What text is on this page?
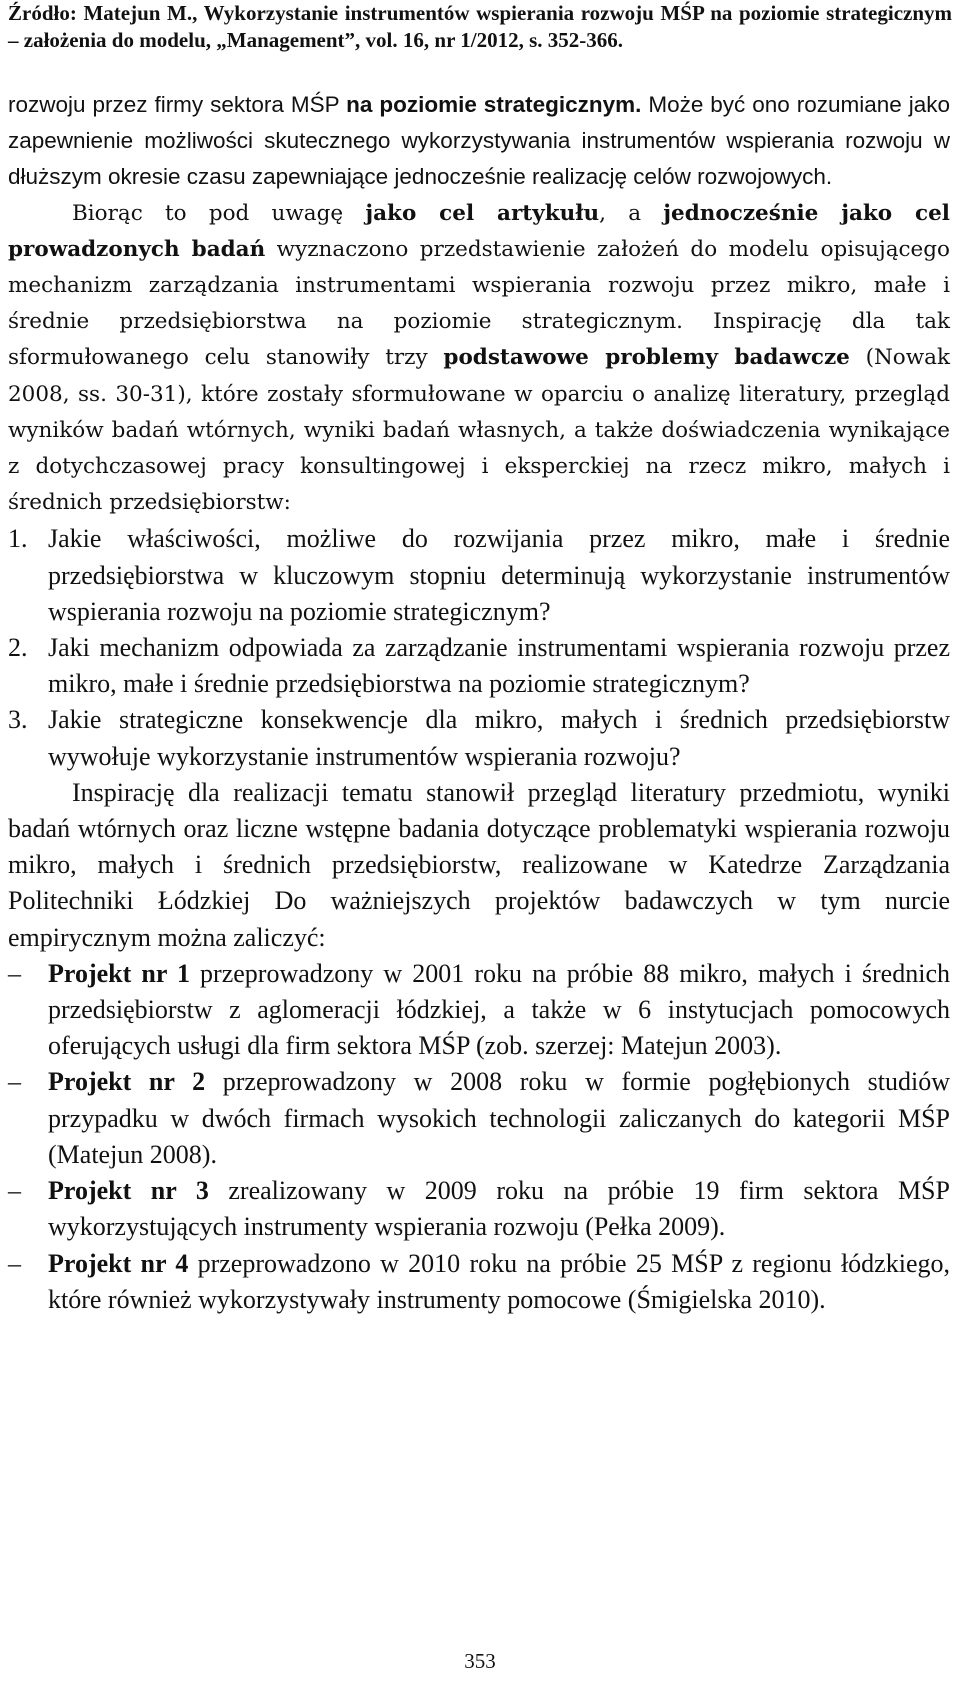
Źródło: Matejun M., Wykorzystanie instrumentów wspierania rozwoju MŚP na poziomie strategicznym – założenia do modelu, „Management”, vol. 16, nr 1/2012, s. 352-366.

rozwoju przez firmy sektora MŚP na poziomie strategicznym. Może być ono rozumiane jako zapewnienie możliwości skutecznego wykorzystywania instrumentów wspierania rozwoju w dłuższym okresie czasu zapewniające jednocześnie realizację celów rozwojowych.

Biorąc to pod uwagę jako cel artykułu, a jednocześnie jako cel prowadzonych badań wyznaczono przedstawienie założeń do modelu opisującego mechanizm zarządzania instrumentami wspierania rozwoju przez mikro, małe i średnie przedsiębiorstwa na poziomie strategicznym. Inspirację dla tak sformułowanego celu stanowiły trzy podstawowe problemy badawcze (Nowak 2008, ss. 30-31), które zostały sformułowane w oparciu o analizę literatury, przegląd wyników badań wtórnych, wyniki badań własnych, a także doświadczenia wynikające z dotychczasowej pracy konsultingowej i eksperckiej na rzecz mikro, małych i średnich przedsiębiorstw:

1. Jakie właściwości, możliwe do rozwijania przez mikro, małe i średnie przedsiębiorstwa w kluczowym stopniu determinują wykorzystanie instrumentów wspierania rozwoju na poziomie strategicznym?
2. Jaki mechanizm odpowiada za zarządzanie instrumentami wspierania rozwoju przez mikro, małe i średnie przedsiębiorstwa na poziomie strategicznym?
3. Jakie strategiczne konsekwencje dla mikro, małych i średnich przedsiębiorstw wywołuje wykorzystanie instrumentów wspierania rozwoju?

Inspirację dla realizacji tematu stanowił przegląd literatury przedmiotu, wyniki badań wtórnych oraz liczne wstępne badania dotyczące problematyki wspierania rozwoju mikro, małych i średnich przedsiębiorstw, realizowane w Katedrze Zarządzania Politechniki Łódzkiej Do ważniejszych projektów badawczych w tym nurcie empirycznym można zaliczyć:

– Projekt nr 1 przeprowadzony w 2001 roku na próbie 88 mikro, małych i średnich przedsiębiorstw z aglomeracji łódzkiej, a także w 6 instytucjach pomocowych oferujących usługi dla firm sektora MŚP (zob. szerzej: Matejun 2003).
– Projekt nr 2 przeprowadzony w 2008 roku w formie pogłębionych studiów przypadku w dwóch firmach wysokich technologii zaliczanych do kategorii MŚP (Matejun 2008).
– Projekt nr 3 zrealizowany w 2009 roku na próbie 19 firm sektora MŚP wykorzystujących instrumenty wspierania rozwoju (Pełka 2009).
– Projekt nr 4 przeprowadzono w 2010 roku na próbie 25 MŚP z regionu łódzkiego, które również wykorzystywały instrumenty pomocowe (Śmigielska 2010).
353
